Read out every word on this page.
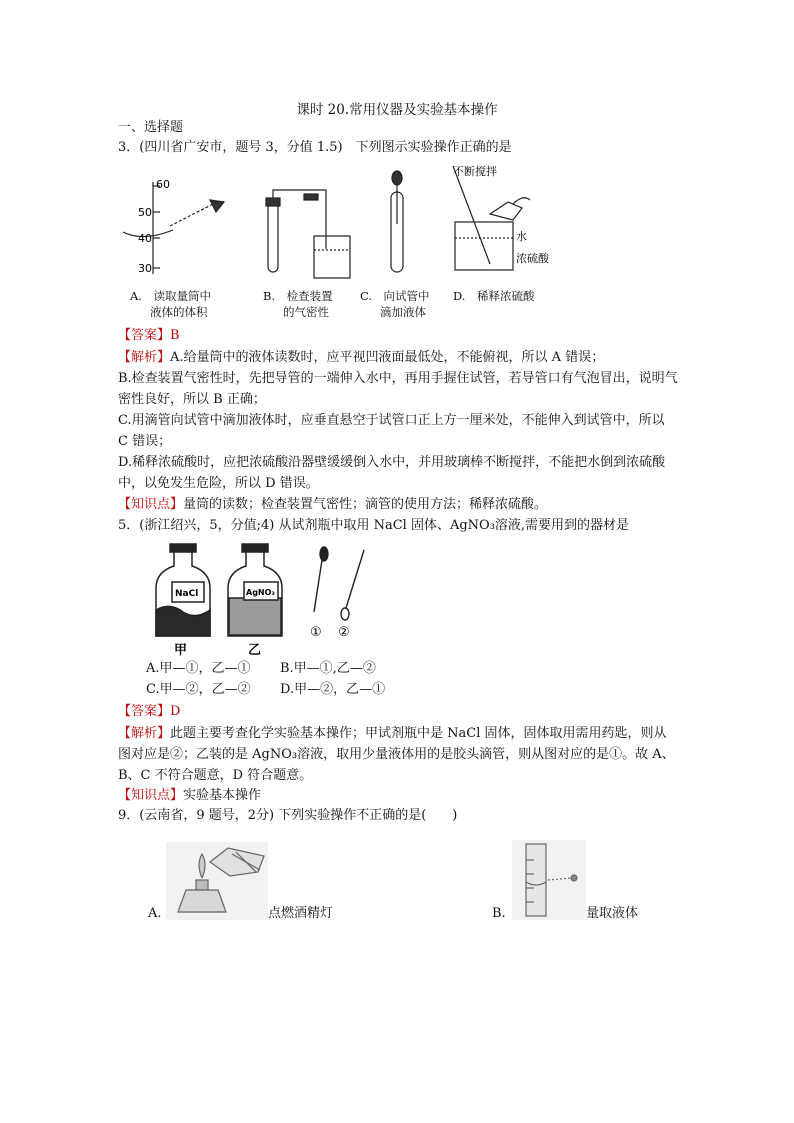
课时 20.常用仪器及实验基本操作
一、选择题
3．(四川省广安市，题号 3，分值 1.5)　下列图示实验操作正确的是
60
50
40
30
不断搅拌
水
浓硫酸
A.　读取量筒中
液体的体积
B.　检查装置
的气密性
C.　向试管中
滴加液体
D.　稀释浓硫酸
【答案】B
【解析】A.给量筒中的液体读数时，应平视凹液面最低处，不能俯视，所以 A 错误；
B.检查装置气密性时，先把导管的一端伸入水中，再用手握住试管，若导管口有气泡冒出，说明气密性良好，所以 B 正确；
C.用滴管向试管中滴加液体时，应垂直悬空于试管口正上方一厘米处，不能伸入到试管中，所以 C 错误；
D.稀释浓硫酸时，应把浓硫酸沿器壁缓缓倒入水中，并用玻璃棒不断搅拌，不能把水倒到浓硫酸中，以免发生危险，所以 D 错误。
【知识点】量筒的读数；检查装置气密性；滴管的使用方法；稀释浓硫酸。
5．(浙江绍兴，5，分值;4) 从试剂瓶中取用 NaCl 固体、AgNO₃溶液,需要用到的器材是
NaCl	AgNO₃
① ②
甲	乙
A.甲—①，乙—① B.甲—①,乙—②
C.甲—②，乙—② D.甲—②，乙—①
【答案】D
【解析】此题主要考查化学实验基本操作；甲试剂瓶中是 NaCl 固体，固体取用需用药匙，则从图对应是②；乙装的是 AgNO₃溶液，取用少量液体用的是胶头滴管，则从图对应的是①。故 A、B、C 不符合题意，D 符合题意。
【知识点】实验基本操作
9．(云南省，9 题号，2分) 下列实验操作不正确的是(　　)
A.	点燃酒精灯	B.	量取液体
